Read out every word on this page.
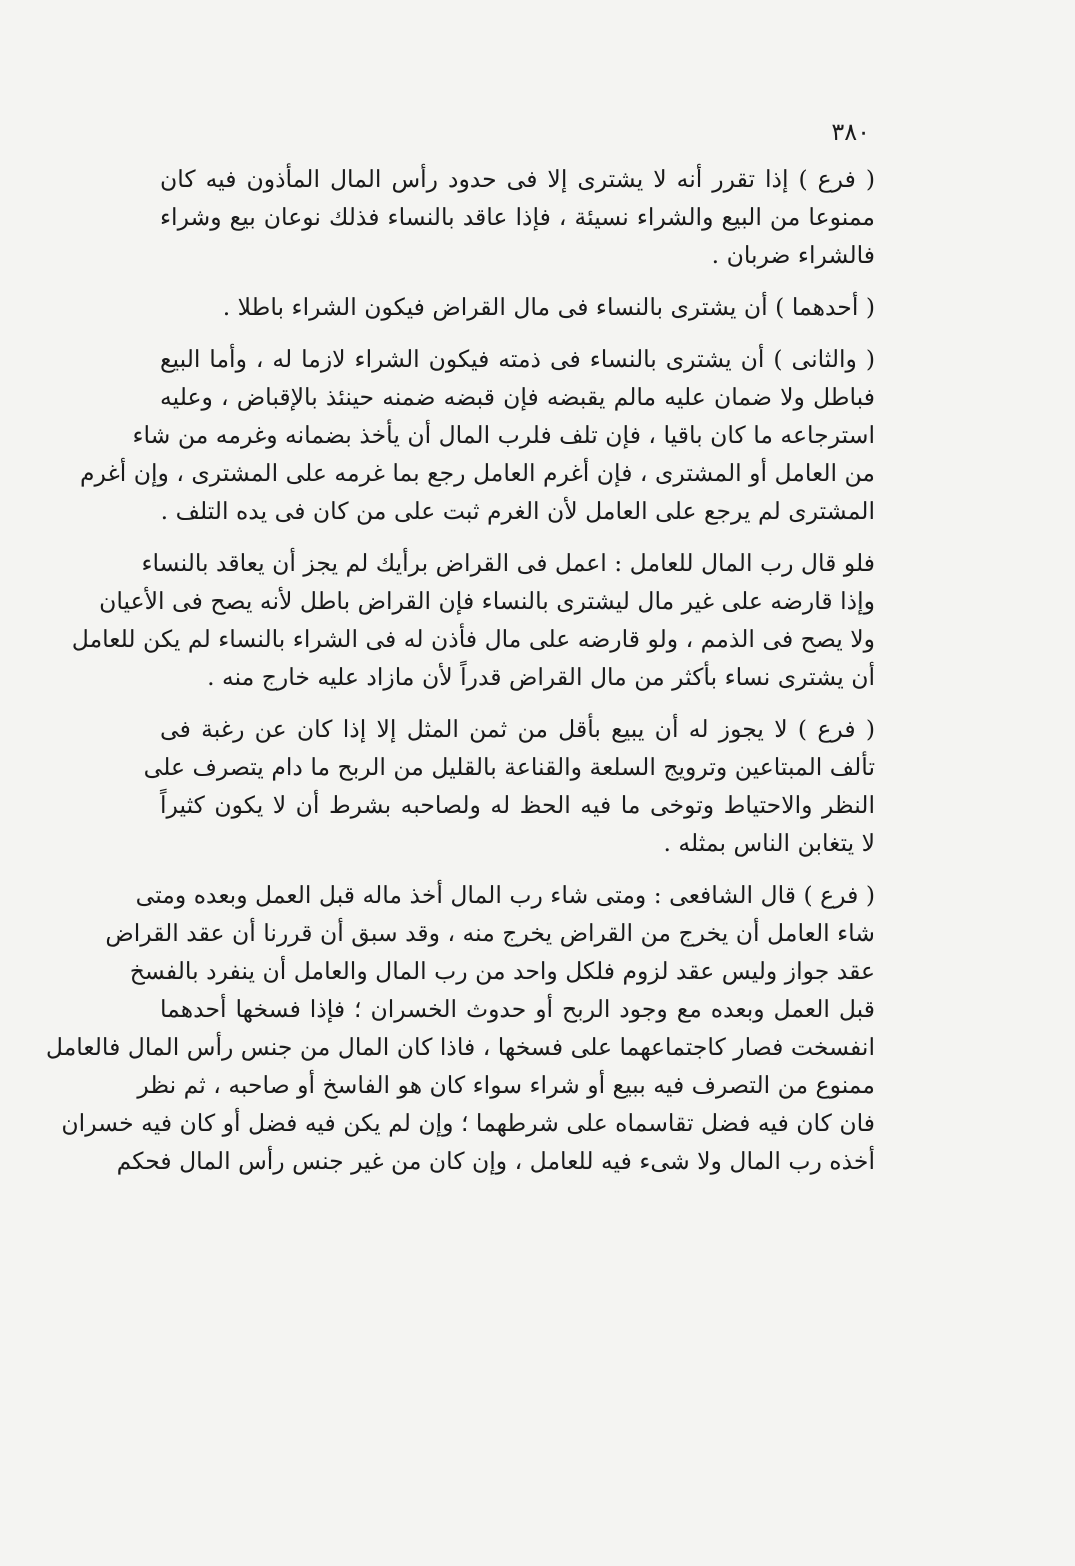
٣٨٠
( فرع ) إذا تقرر أنه لا يشترى إلا فى حدود رأس المال المأذون فيه كان
ممنوعا من البيع والشراء نسيئة ، فإذا عاقد بالنساء فذلك نوعان بيع وشراء
فالشراء ضربان .
( أحدهما ) أن يشترى بالنساء فى مال القراض فيكون الشراء باطلا .
( والثانى ) أن يشترى بالنساء فى ذمته فيكون الشراء لازما له ، وأما البيع
فباطل ولا ضمان عليه مالم يقبضه فإن قبضه ضمنه حينئذ بالإقباض ، وعليه
استرجاعه ما كان باقيا ، فإن تلف فلرب المال أن يأخذ بضمانه وغرمه من شاء
من العامل أو المشترى ، فإن أغرم العامل رجع بما غرمه على المشترى ، وإن أغرم
المشترى لم يرجع على العامل لأن الغرم ثبت على من كان فى يده التلف .
فلو قال رب المال للعامل : اعمل فى القراض برأيك لم يجز أن يعاقد بالنساء
وإذا قارضه على غير مال ليشترى بالنساء فإن القراض باطل لأنه يصح فى الأعيان
ولا يصح فى الذمم ، ولو قارضه على مال فأذن له فى الشراء بالنساء لم يكن للعامل
أن يشترى نساء بأكثر من مال القراض قدراً لأن مازاد عليه خارج منه .
( فرع ) لا يجوز له أن يبيع بأقل من ثمن المثل إلا إذا كان عن رغبة فى
تألف المبتاعين وترويج السلعة والقناعة بالقليل من الربح ما دام يتصرف على
النظر والاحتياط وتوخى ما فيه الحظ له ولصاحبه بشرط أن لا يكون كثيراً
لا يتغابن الناس بمثله .
( فرع ) قال الشافعى : ومتى شاء رب المال أخذ ماله قبل العمل وبعده ومتى
شاء العامل أن يخرج من القراض يخرج منه ، وقد سبق أن قررنا أن عقد القراض
عقد جواز وليس عقد لزوم فلكل واحد من رب المال والعامل أن ينفرد بالفسخ
قبل العمل وبعده مع وجود الربح أو حدوث الخسران ؛ فإذا فسخها أحدهما
انفسخت فصار كاجتماعهما على فسخها ، فاذا كان المال من جنس رأس المال فالعامل
ممنوع من التصرف فيه ببيع أو شراء سواء كان هو الفاسخ أو صاحبه ، ثم نظر
فان كان فيه فضل تقاسماه على شرطهما ؛ وإن لم يكن فيه فضل أو كان فيه خسران
أخذه رب المال ولا شىء فيه للعامل ، وإن كان من غير جنس رأس المال فحكم
